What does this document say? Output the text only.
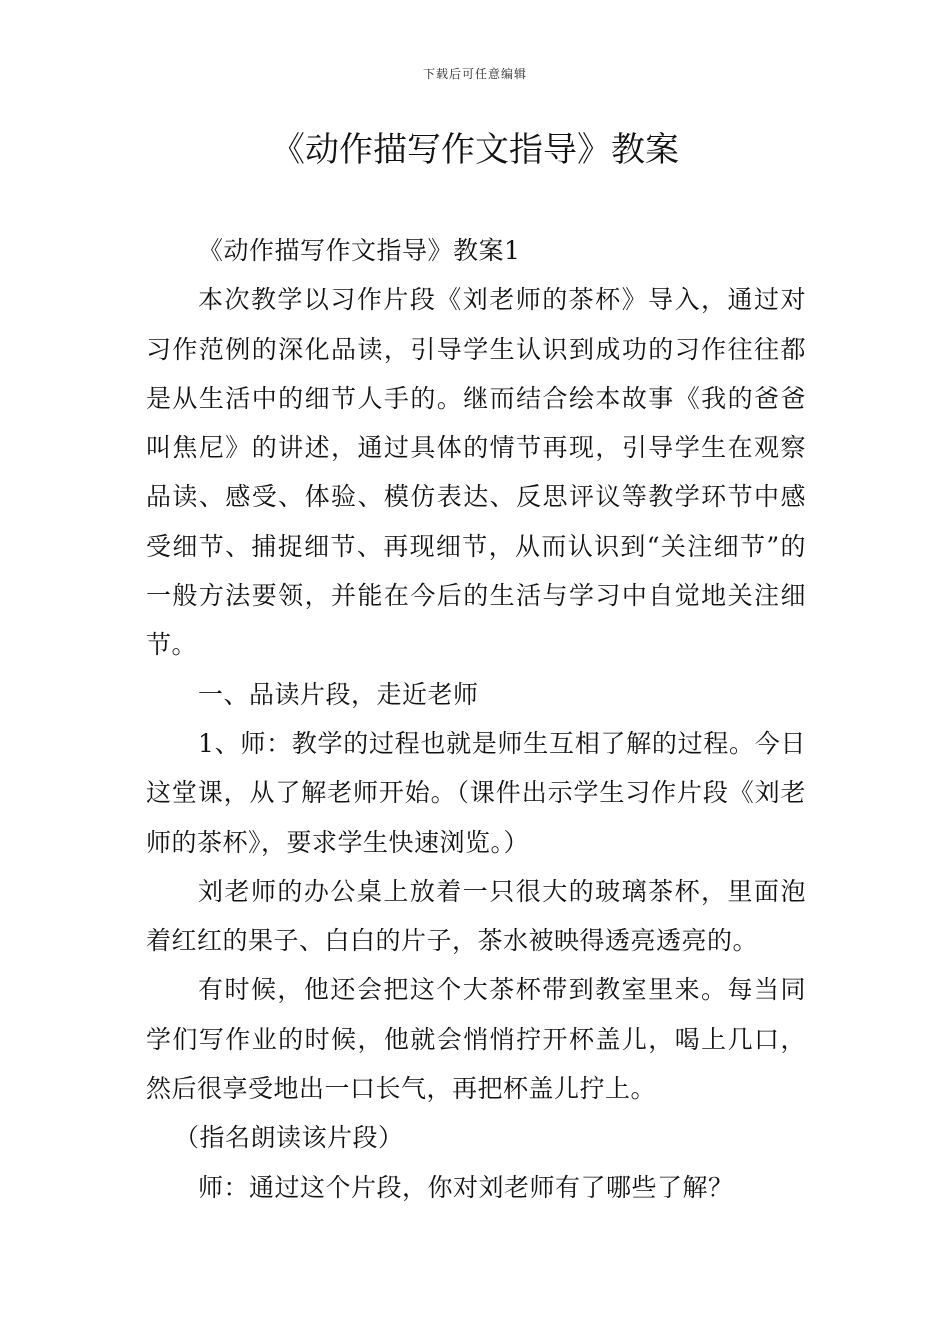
下载后可任意编辑
《动作描写作文指导》教案

《动作描写作文指导》教案1

本次教学以习作片段《刘老师的茶杯》导入，通过对习作范例的深化品读，引导学生认识到成功的习作往往都是从生活中的细节人手的。继而结合绘本故事《我的爸爸叫焦尼》的讲述，通过具体的情节再现，引导学生在观察品读、感受、体验、模仿表达、反思评议等教学环节中感受细节、捕捉细节、再现细节，从而认识到“关注细节”的一般方法要领，并能在今后的生活与学习中自觉地关注细节。

一、品读片段，走近老师

1、师：教学的过程也就是师生互相了解的过程。今日这堂课，从了解老师开始。（课件出示学生习作片段《刘老师的茶杯》，要求学生快速浏览。）

刘老师的办公桌上放着一只很大的玻璃茶杯，里面泡着红红的果子、白白的片子，茶水被映得透亮透亮的。

有时候，他还会把这个大茶杯带到教室里来。每当同学们写作业的时候，他就会悄悄拧开杯盖儿，喝上几口，然后很享受地出一口长气，再把杯盖儿拧上。

（指名朗读该片段）

师：通过这个片段，你对刘老师有了哪些了解？
